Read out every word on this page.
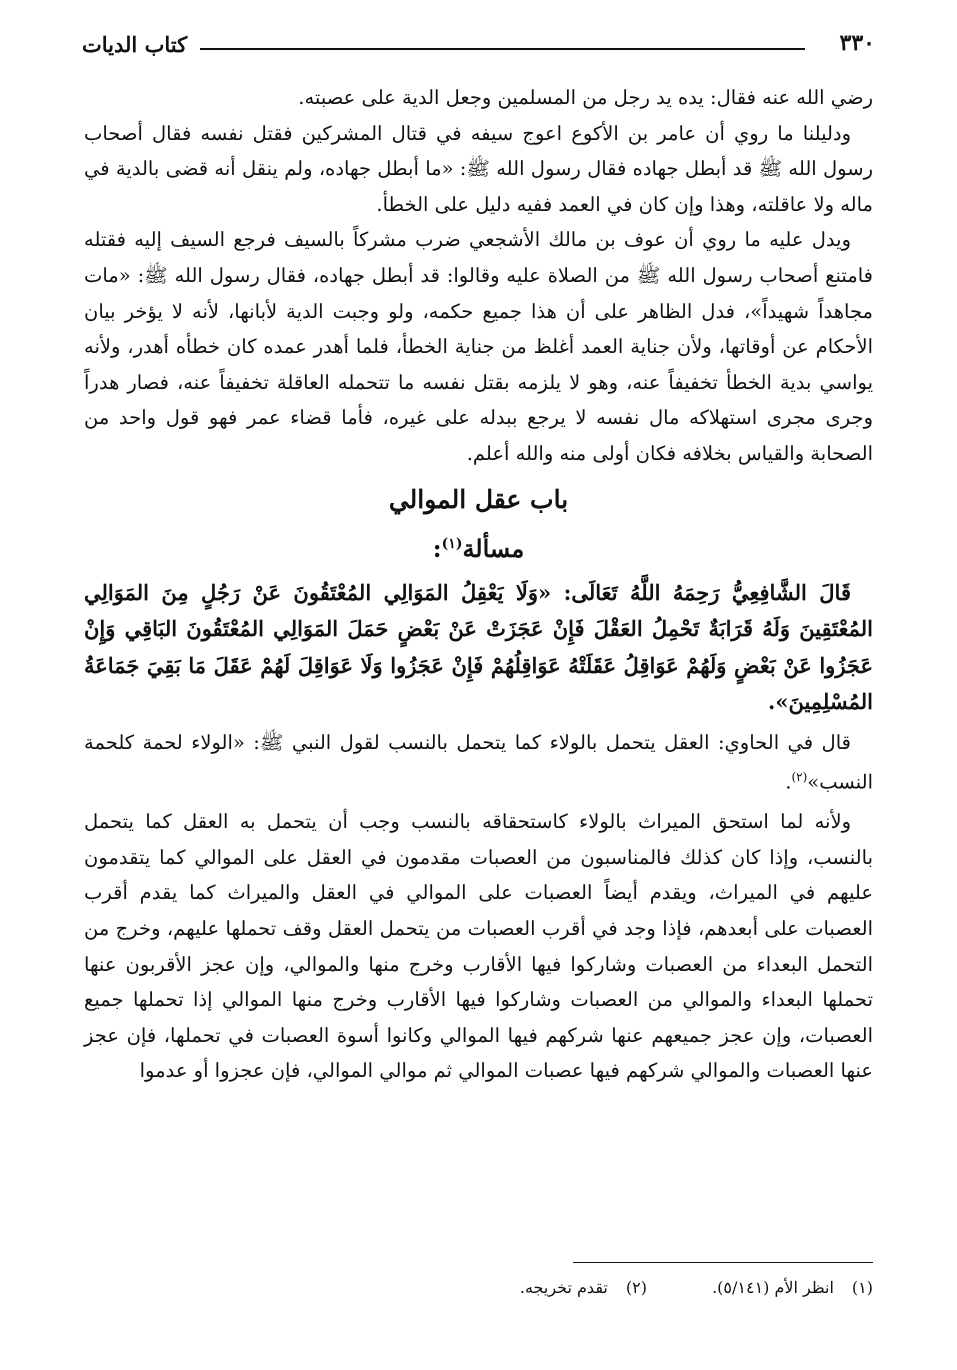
٣٣٠
كتاب الديات

رضي الله عنه فقال: يده يد رجل من المسلمين وجعل الدية على عصبته.

ودليلنا ما روي أن عامر بن الأكوع اعوج سيفه في قتال المشركين فقتل نفسه فقال أصحاب رسول الله ﷺ قد أبطل جهاده فقال رسول الله ﷺ: «ما أبطل جهاده، ولم ينقل أنه قضى بالدية في ماله ولا عاقلته، وهذا وإن كان في العمد ففيه دليل على الخطأ.

ويدل عليه ما روي أن عوف بن مالك الأشجعي ضرب مشركاً بالسيف فرجع السيف إليه فقتله فامتنع أصحاب رسول الله ﷺ من الصلاة عليه وقالوا: قد أبطل جهاده، فقال رسول الله ﷺ: «مات مجاهداً شهيداً»، فدل الظاهر على أن هذا جميع حكمه، ولو وجبت الدية لأبانها، لأنه لا يؤخر بيان الأحكام عن أوقاتها، ولأن جناية العمد أغلظ من جناية الخطأ، فلما أهدر عمده كان خطأه أهدر، ولأنه يواسي بدية الخطأ تخفيفاً عنه، وهو لا يلزمه بقتل نفسه ما تتحمله العاقلة تخفيفاً عنه، فصار هدراً وجرى مجرى استهلاكه مال نفسه لا يرجع ببدله على غيره، فأما قضاء عمر فهو قول واحد من الصحابة والقياس بخلافه فكان أولى منه والله أعلم.

باب عقل الموالي
مسألة$^{(١)}$:

قَالَ الشَّافِعِيُّ رَحِمَهُ اللَّهُ تَعَالَى: «وَلَا يَعْقِلُ المَوَالِي المُعْتَقُونَ عَنْ رَجُلٍ مِنَ المَوَالِي المُعْتَقِينَ وَلَهُ قَرَابَةٌ تَحْمِلُ العَقْلَ فَإِنْ عَجَزَتْ عَنْ بَعْضٍ حَمَلَ المَوَالِي المُعْتَقُونَ البَاقِي وَإِنْ عَجَزُوا عَنْ بَعْضٍ وَلَهُمْ عَوَاقِلُ عَقَلَتْهُ عَوَاقِلُهُمْ فَإِنْ عَجَزُوا وَلَا عَوَاقِلَ لَهُمْ عَقَلَ مَا بَقِيَ جَمَاعَةُ المُسْلِمِينَ».

قال في الحاوي: العقل يتحمل بالولاء كما يتحمل بالنسب لقول النبي ﷺ: «الولاء لحمة كلحمة النسب»$^{(٢)}$.

ولأنه لما استحق الميراث بالولاء كاستحقاقه بالنسب وجب أن يتحمل به العقل كما يتحمل بالنسب، وإذا كان كذلك فالمناسبون من العصبات مقدمون في العقل على الموالي كما يتقدمون عليهم في الميراث، ويقدم أيضاً العصبات على الموالي في العقل والميراث كما يقدم أقرب العصبات على أبعدهم، فإذا وجد في أقرب العصبات من يتحمل العقل وقف تحملها عليهم، وخرج من التحمل البعداء من العصبات وشاركوا فيها الأقارب وخرج منها والموالي، وإن عجز الأقربون عنها تحملها البعداء والموالي من العصبات وشاركوا فيها الأقارب وخرج منها الموالي إذا تحملها جميع العصبات، وإن عجز جميعهم عنها شركهم فيها الموالي وكانوا أسوة العصبات في تحملها، فإن عجز عنها العصبات والموالي شركهم فيها عصبات الموالي ثم موالي الموالي، فإن عجزوا أو عدموا

(١)انظر الأم (٥/١٤١). (٢)تقدم تخريجه.
